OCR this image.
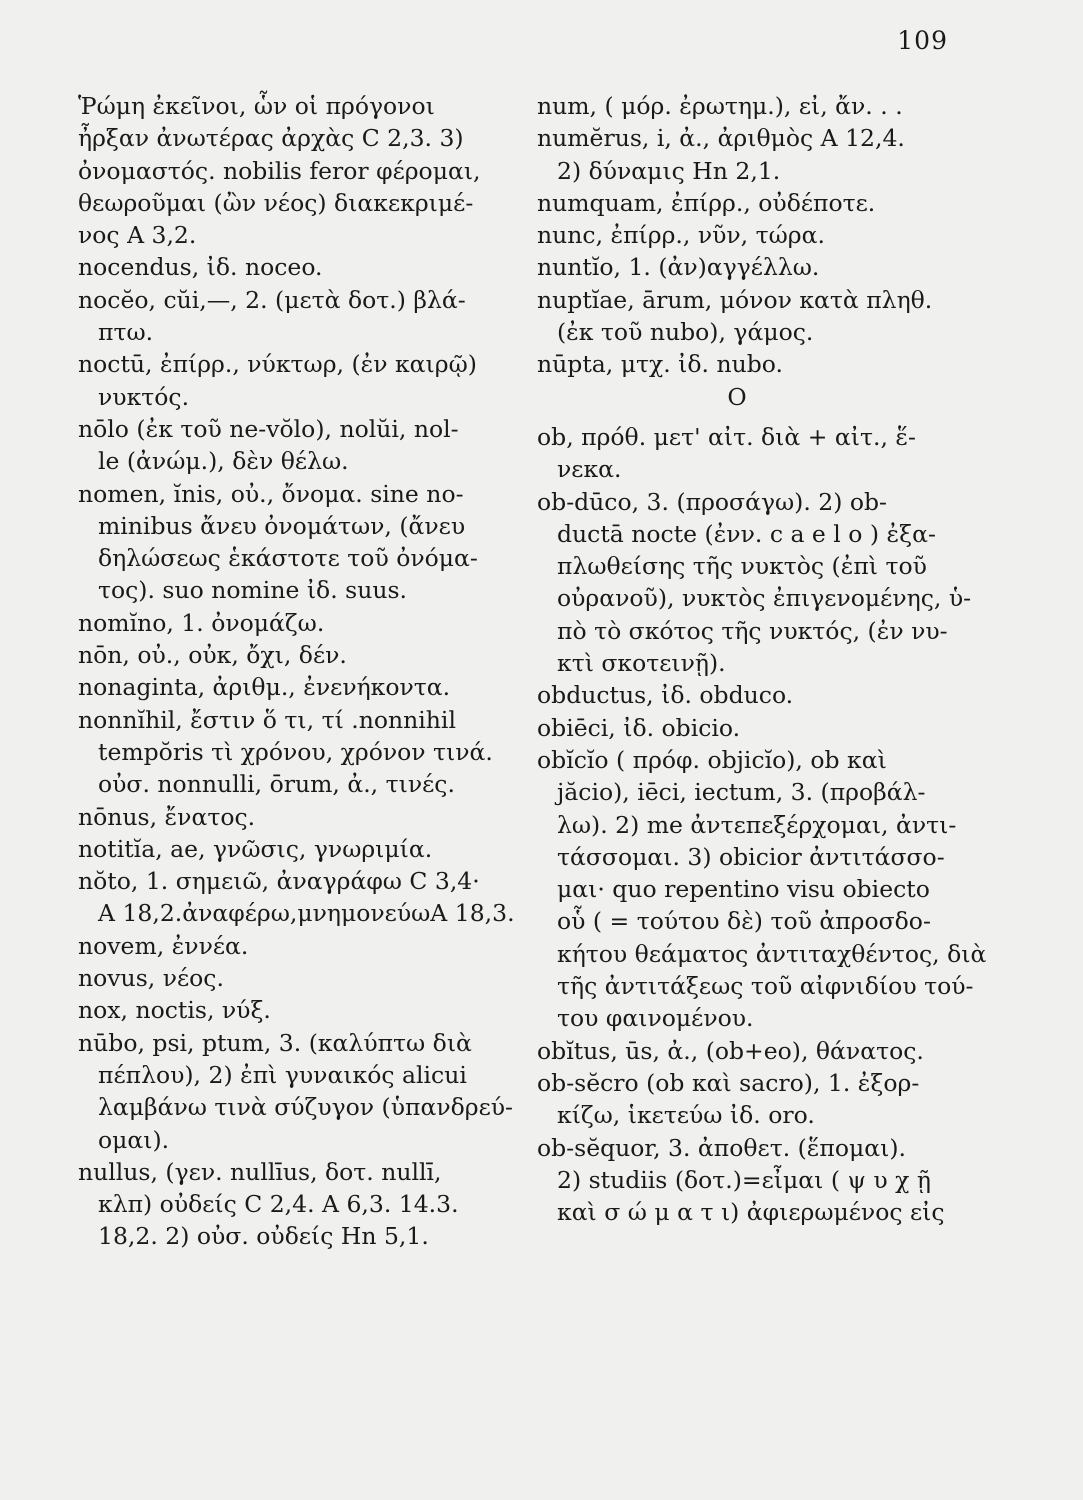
109
Ῥώμη ἐκεῖνοι, ὧν οἱ πρόγονοι
ἦρξαν ἀνωτέρας ἀρχὰς C 2,3. 3)
ὀνομαστός. nobilis feror φέρομαι,
θεωροῦμαι (ὢν νέος) διακεκριμέ-
νος A 3,2.
nocendus, ἰδ. noceo.
nocĕo, cŭi,—, 2. (μετὰ δοτ.) βλά-
πτω.
noctū, ἐπίρρ., νύκτωρ, (ἐν καιρῷ)
νυκτός.
nōlo (ἐκ τοῦ ne-vŏlo), nolŭi, nol-
le (ἀνώμ.), δὲν θέλω.
nomen, ĭnis, οὐ., ὄνομα. sine no-
minibus ἄνευ ὀνομάτων, (ἄνευ
δηλώσεως ἑκάστοτε τοῦ ὀνόμα-
τος). suo nomine ἰδ. suus.
nomĭno, 1. ὀνομάζω.
nōn, οὐ., οὐκ, ὄχι, δέν.
nonaginta, ἀριθμ., ἐνενήκοντα.
nonnĭhil, ἔστιν ὅ τι, τί .nonnihil
tempŏris τὶ χρόνου, χρόνον τινά.
οὐσ. nonnulli, ōrum, ἀ., τινές.
nōnus, ἔνατος.
notitĭa, ae, γνῶσις, γνωριμία.
nŏto, 1. σημειῶ, ἀναγράφω C 3,4·
A 18,2.ἀναφέρω,μνημονεύωA 18,3.
novem, ἐννέα.
novus, νέος.
nox, noctis, νύξ.
nūbo, psi, ptum, 3. (καλύπτω διὰ
πέπλου), 2) ἐπὶ γυναικός alicui
λαμβάνω τινὰ σύζυγον (ὑπανδρεύ-
ομαι).
nullus, (γεν. nullīus, δοτ. nullī,
κλπ) οὐδείς C 2,4. A 6,3. 14.3.
18,2. 2) οὐσ. οὐδείς Hn 5,1.
num, ( μόρ. ἐρωτημ.), εἰ, ἄν. . .
numĕrus, i, ἀ., ἀριθμὸς A 12,4.
2) δύναμις Hn 2,1.
numquam, ἐπίρρ., οὐδέποτε.
nunc, ἐπίρρ., νῦν, τώρα.
nuntĭo, 1. (ἀν)αγγέλλω.
nuptĭae, ārum, μόνον κατὰ πληθ.
(ἐκ τοῦ nubo), γάμος.
nūpta, μτχ. ἰδ. nubo.
O
ob, πρόθ. μετ' αἰτ. διὰ + αἰτ., ἕ-
νεκα.
ob-dūco, 3. (προσάγω). 2) ob-
ductā nocte (ἐνν. c a e l o ) ἐξα-
πλωθείσης τῆς νυκτὸς (ἐπὶ τοῦ
οὐρανοῦ), νυκτὸς ἐπιγενομένης, ὑ-
πὸ τὸ σκότος τῆς νυκτός, (ἐν νυ-
κτὶ σκοτεινῇ).
obductus, ἰδ. obduco.
obiēci, ἰδ. obicio.
obĭcĭo ( πρόφ. objicĭo), ob καὶ
jăcio), iēci, iectum, 3. (προβάλ-
λω). 2) me ἀντεπεξέρχομαι, ἀντι-
τάσσομαι. 3) obicior ἀντιτάσσο-
μαι· quo repentino visu obiecto
οὗ ( = τούτου δὲ) τοῦ ἀπροσδο-
κήτου θεάματος ἀντιταχθέντος, διὰ
τῆς ἀντιτάξεως τοῦ αἰφνιδίου τού-
του φαινομένου.
obĭtus, ūs, ἀ., (ob+eo), θάνατος.
ob-sĕcro (ob καὶ sacro), 1. ἐξορ-
κίζω, ἱκετεύω ἰδ. oro.
ob-sĕquor, 3. ἀποθετ. (ἕπομαι).
2) studiis (δοτ.)=εἶμαι ( ψ υ χ ῇ
καὶ σ ώ μ α τ ι) ἀφιερωμένος εἰς
